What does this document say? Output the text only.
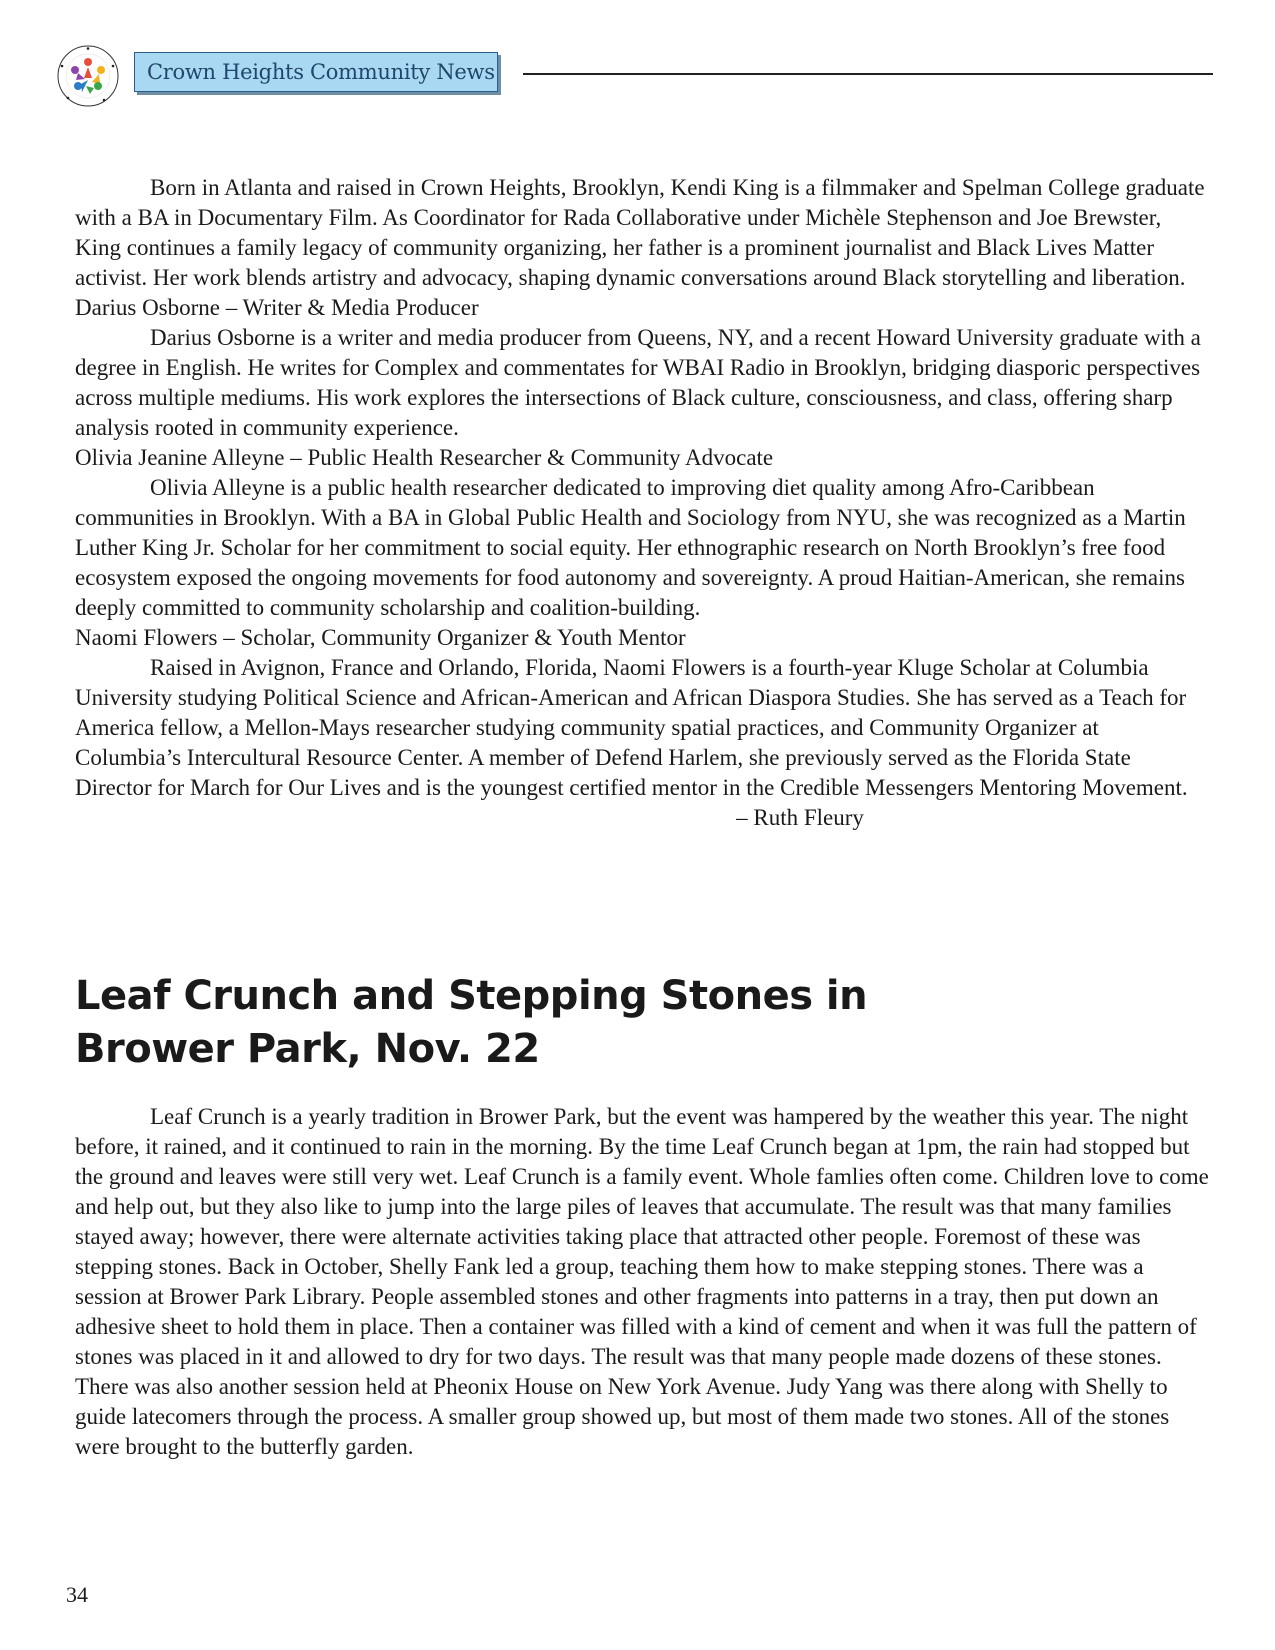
Crown Heights Community News

Born in Atlanta and raised in Crown Heights, Brooklyn, Kendi King is a filmmaker and Spelman College graduate with a BA in Documentary Film. As Coordinator for Rada Collaborative under Michèle Stephenson and Joe Brewster, King continues a family legacy of community organizing, her father is a prominent journalist and Black Lives Matter activist. Her work blends artistry and advocacy, shaping dynamic conversations around Black storytelling and liberation.

Darius Osborne – Writer & Media Producer

Darius Osborne is a writer and media producer from Queens, NY, and a recent Howard University graduate with a degree in English. He writes for Complex and commentates for WBAI Radio in Brooklyn, bridging diasporic perspectives across multiple mediums. His work explores the intersections of Black culture, consciousness, and class, offering sharp analysis rooted in community experience.

Olivia Jeanine Alleyne – Public Health Researcher & Community Advocate

Olivia Alleyne is a public health researcher dedicated to improving diet quality among Afro-Caribbean communities in Brooklyn. With a BA in Global Public Health and Sociology from NYU, she was recognized as a Martin Luther King Jr. Scholar for her commitment to social equity. Her ethnographic research on North Brooklyn’s free food ecosystem exposed the ongoing movements for food autonomy and sovereignty. A proud Haitian-American, she remains deeply committed to community scholarship and coalition-building.

Naomi Flowers – Scholar, Community Organizer & Youth Mentor

Raised in Avignon, France and Orlando, Florida, Naomi Flowers is a fourth-year Kluge Scholar at Columbia University studying Political Science and African-American and African Diaspora Studies. She has served as a Teach for America fellow, a Mellon-Mays researcher studying community spatial practices, and Community Organizer at Columbia’s Intercultural Resource Center. A member of Defend Harlem, she previously served as the Florida State Director for March for Our Lives and is the youngest certified mentor in the Credible Messengers Mentoring Movement.

– Ruth Fleury

Leaf Crunch and Stepping Stones in Brower Park, Nov. 22

Leaf Crunch is a yearly tradition in Brower Park, but the event was hampered by the weather this year. The night before, it rained, and it continued to rain in the morning. By the time Leaf Crunch began at 1pm, the rain had stopped but the ground and leaves were still very wet. Leaf Crunch is a family event. Whole famlies often come. Children love to come and help out, but they also like to jump into the large piles of leaves that accumulate. The result was that many families stayed away; however, there were alternate activities taking place that attracted other people. Foremost of these was stepping stones. Back in October, Shelly Fank led a group, teaching them how to make stepping stones. There was a session at Brower Park Library. People assembled stones and other fragments into patterns in a tray, then put down an adhesive sheet to hold them in place. Then a container was filled with a kind of cement and when it was full the pattern of stones was placed in it and allowed to dry for two days. The result was that many people made dozens of these stones. There was also another session held at Pheonix House on New York Avenue. Judy Yang was there along with Shelly to guide latecomers through the process. A smaller group showed up, but most of them made two stones. All of the stones were brought to the butterfly garden.

34
